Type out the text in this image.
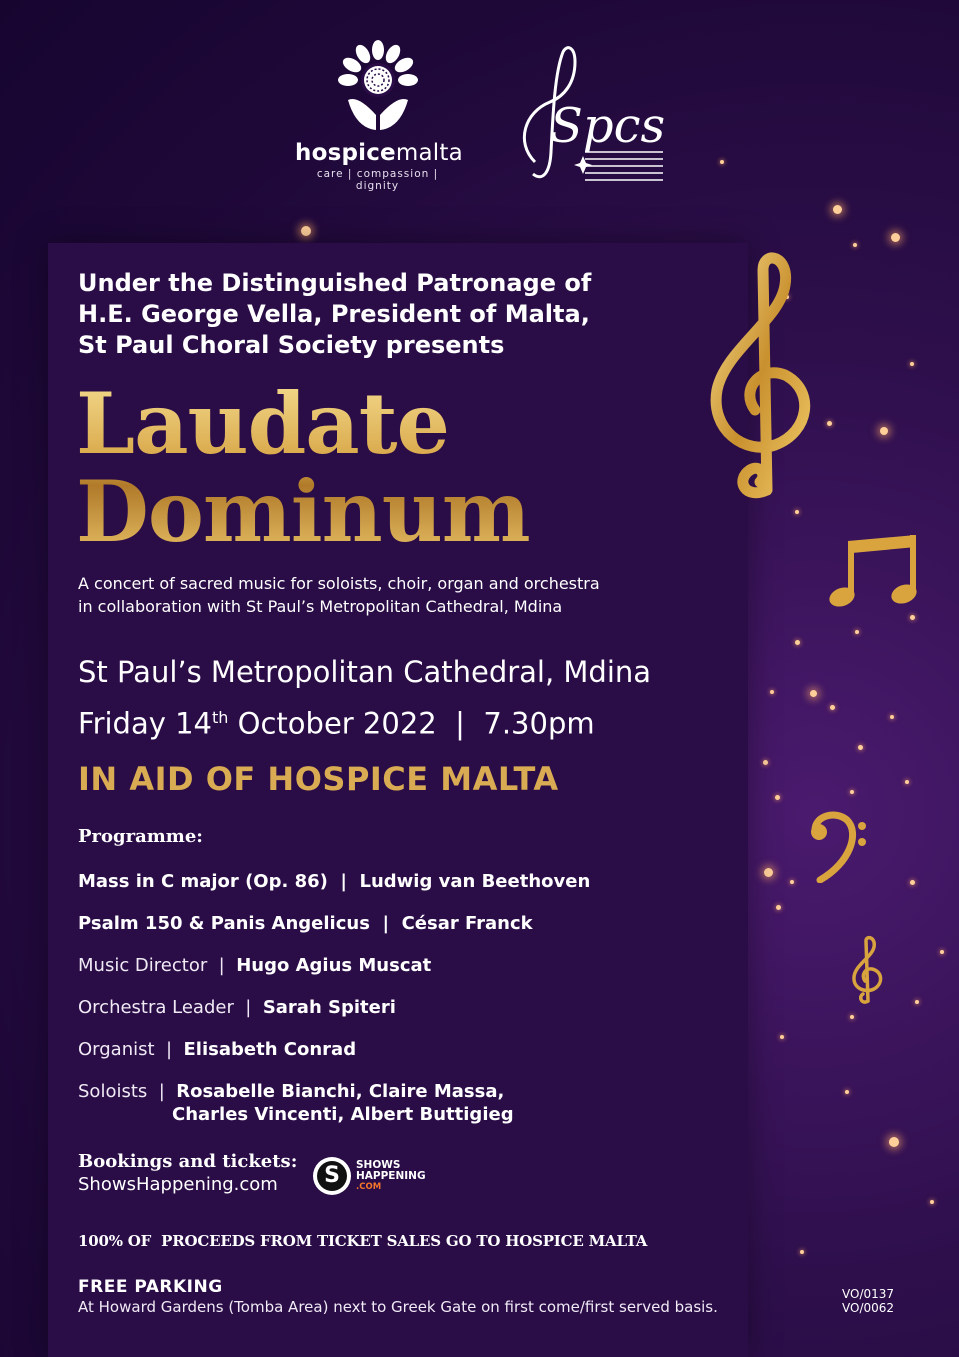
hospicemalta
care | compassion | dignity
Spcs
Under the Distinguished Patronage of
H.E. George Vella, President of Malta,
St Paul Choral Society presents
Laudate
Dominum
A concert of sacred music for soloists, choir, organ and orchestra
in collaboration with St Paul’s Metropolitan Cathedral, Mdina
St Paul’s Metropolitan Cathedral, Mdina
Friday 14th October 2022  |  7.30pm
IN AID OF HOSPICE MALTA
Programme:
Mass in C major (Op. 86)  |  Ludwig van Beethoven
Psalm 150 & Panis Angelicus  |  César Franck
Music Director  |  Hugo Agius Muscat
Orchestra Leader  |  Sarah Spiteri
Organist  |  Elisabeth Conrad
Soloists  |  Rosabelle Bianchi, Claire Massa,
Charles Vincenti, Albert Buttigieg
Bookings and tickets:
ShowsHappening.com	S	SHOWS
HAPPENING
.COM
100% OF  PROCEEDS FROM TICKET SALES GO TO HOSPICE MALTA
FREE PARKING
At Howard Gardens (Tomba Area) next to Greek Gate on first come/first served basis.
VO/0137
VO/0062
